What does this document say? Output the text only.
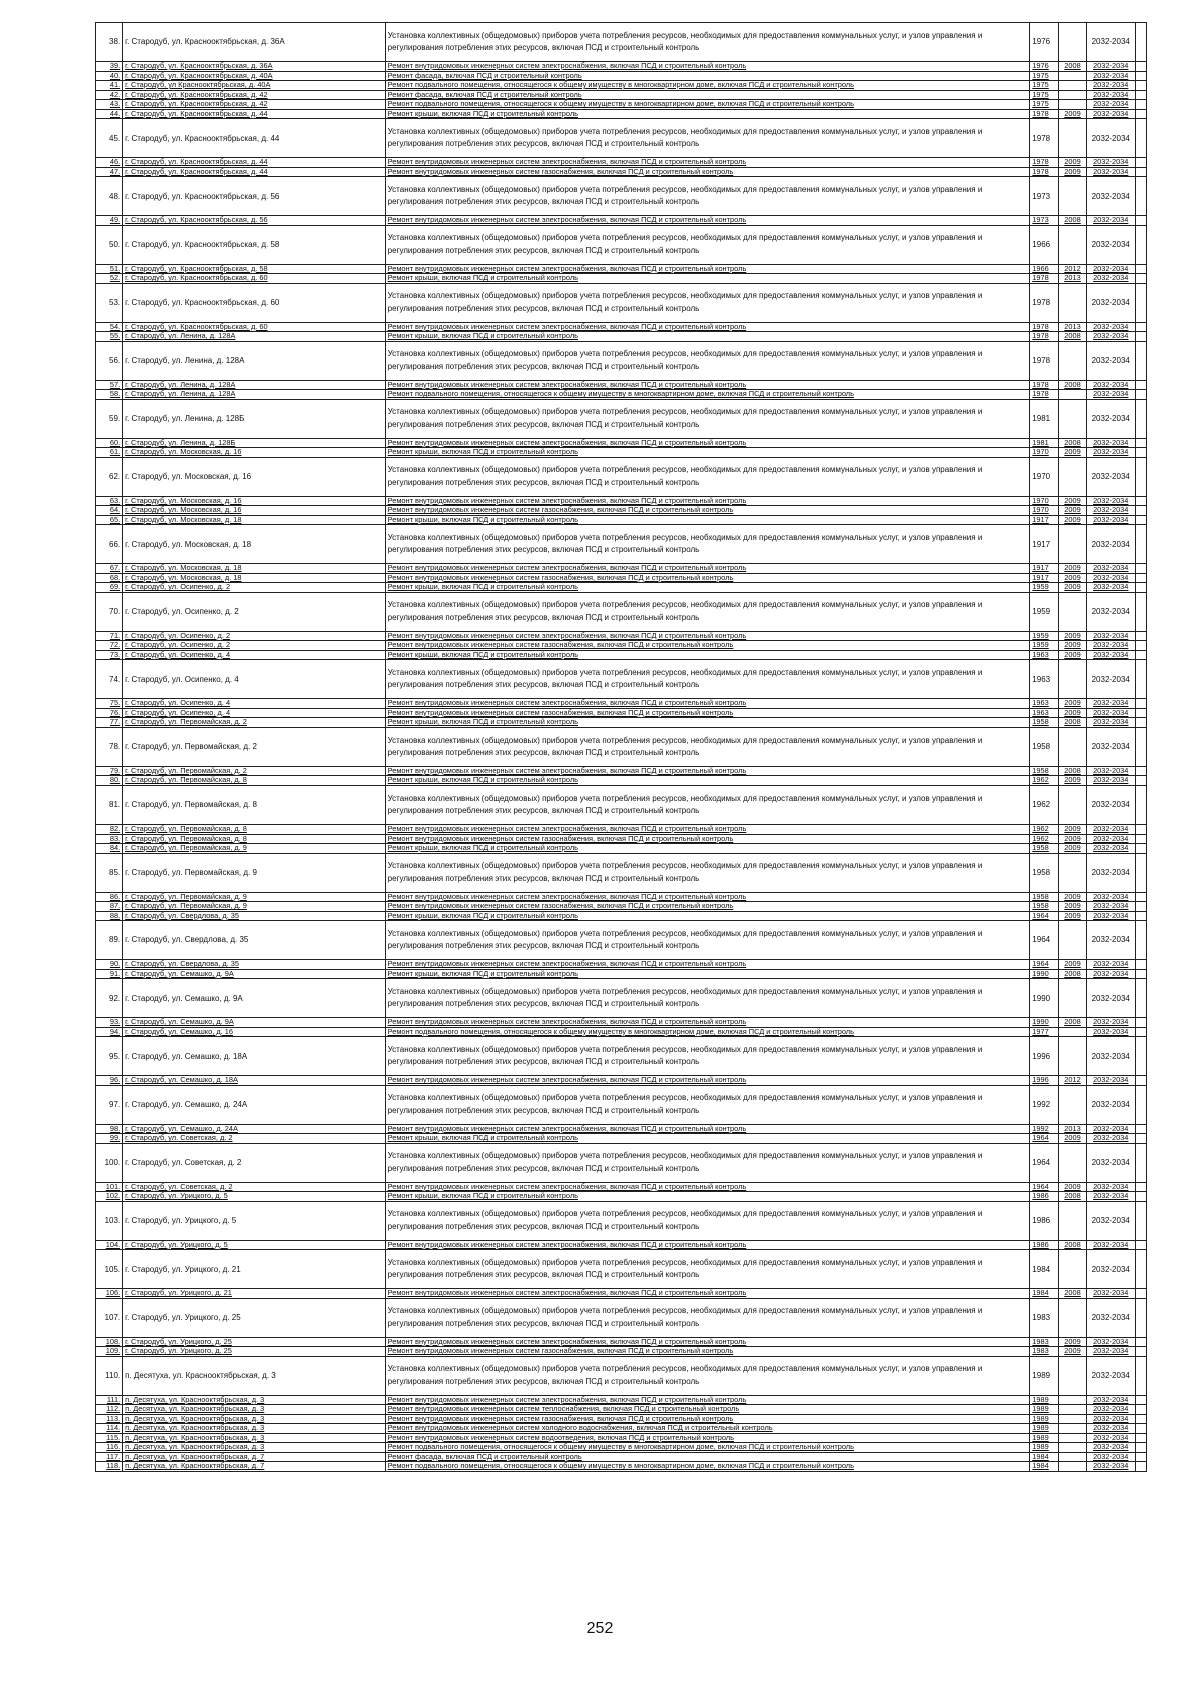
38.	г. Стародуб, ул. Краснооктябрьская, д. 36А	Установка коллективных (общедомовых) приборов учета потребления ресурсов, необходимых для предоставления коммунальных услуг, и узлов управления и регулирования потребления этих ресурсов, включая ПСД и строительный контроль	1976		2032-2034	
39.	г. Стародуб, ул. Краснооктябрьская, д. 36А	Ремонт внутридомовых инженерных систем электроснабжения, включая ПСД и строительный контроль	1976	2008	2032-2034	
40.	г. Стародуб, ул. Краснооктябрьская, д. 40А	Ремонт фасада, включая ПСД и строительный контроль	1975		2032-2034	
41.	г. Стародуб, ул Краснооктябрьская, д. 40А	Ремонт подвального помещения, относящегося к общему имуществу в многоквартирном доме, включая ПСД и строительный контроль	1975		2032-2034	
42.	г. Стародуб, ул. Краснооктябрьская, д. 42	Ремонт фасада, включая ПСД и строительный контроль	1975		2032-2034	
43.	г. Стародуб, ул. Краснооктябрьская, д. 42	Ремонт подвального помещения, относящегося к общему имуществу в многоквартирном доме, включая ПСД и строительный контроль	1975		2032-2034	
44.	г. Стародуб, ул. Краснооктябрьская, д. 44	Ремонт крыши, включая ПСД и строительный контроль	1978	2009	2032-2034	
45.	г. Стародуб, ул. Краснооктябрьская, д. 44	Установка коллективных (общедомовых) приборов учета потребления ресурсов, необходимых для предоставления коммунальных услуг, и узлов управления и регулирования потребления этих ресурсов, включая ПСД и строительный контроль	1978		2032-2034	
46.	г. Стародуб, ул. Краснооктябрьская, д. 44	Ремонт внутридомовых инженерных систем электроснабжения, включая ПСД и строительный контроль	1978	2009	2032-2034	
47.	г. Стародуб, ул. Краснооктябрьская, д. 44	Ремонт внутридомовых инженерных систем газоснабжения, включая ПСД и строительный контроль	1978	2009	2032-2034	
48.	г. Стародуб, ул. Краснооктябрьская, д. 56	Установка коллективных (общедомовых) приборов учета потребления ресурсов, необходимых для предоставления коммунальных услуг, и узлов управления и регулирования потребления этих ресурсов, включая ПСД и строительный контроль	1973		2032-2034	
49.	г. Стародуб, ул. Краснооктябрьская, д. 56	Ремонт внутридомовых инженерных систем электроснабжения, включая ПСД и строительный контроль	1973	2008	2032-2034	
50.	г. Стародуб, ул. Краснооктябрьская, д. 58	Установка коллективных (общедомовых) приборов учета потребления ресурсов, необходимых для предоставления коммунальных услуг, и узлов управления и регулирования потребления этих ресурсов, включая ПСД и строительный контроль	1966		2032-2034	
51.	г. Стародуб, ул. Краснооктябрьская, д. 58	Ремонт внутридомовых инженерных систем электроснабжения, включая ПСД и строительный контроль	1966	2012	2032-2034	
52.	г. Стародуб, ул. Краснооктябрьская, д. 60	Ремонт крыши, включая ПСД и строительный контроль	1978	2013	2032-2034	
53.	г. Стародуб, ул. Краснооктябрьская, д. 60	Установка коллективных (общедомовых) приборов учета потребления ресурсов, необходимых для предоставления коммунальных услуг, и узлов управления и регулирования потребления этих ресурсов, включая ПСД и строительный контроль	1978		2032-2034	
54.	г. Стародуб, ул. Краснооктябрьская, д. 60	Ремонт внутридомовых инженерных систем электроснабжения, включая ПСД и строительный контроль	1978	2013	2032-2034	
55.	г. Стародуб, ул. Ленина, д. 128А	Ремонт крыши, включая ПСД и строительный контроль	1978	2008	2032-2034	
56.	г. Стародуб, ул. Ленина, д. 128А	Установка коллективных (общедомовых) приборов учета потребления ресурсов, необходимых для предоставления коммунальных услуг, и узлов управления и регулирования потребления этих ресурсов, включая ПСД и строительный контроль	1978		2032-2034	
57.	г. Стародуб, ул. Ленина, д. 128А	Ремонт внутридомовых инженерных систем электроснабжения, включая ПСД и строительный контроль	1978	2008	2032-2034	
58.	г. Стародуб, ул. Ленина, д. 128А	Ремонт подвального помещения, относящегося к общему имуществу в многоквартирном доме, включая ПСД и строительный контроль	1978		2032-2034	
59.	г. Стародуб, ул. Ленина, д. 128Б	Установка коллективных (общедомовых) приборов учета потребления ресурсов, необходимых для предоставления коммунальных услуг, и узлов управления и регулирования потребления этих ресурсов, включая ПСД и строительный контроль	1981		2032-2034	
60.	г. Стародуб, ул. Ленина, д. 128Б	Ремонт внутридомовых инженерных систем электроснабжения, включая ПСД и строительный контроль	1981	2008	2032-2034	
61.	г. Стародуб, ул. Московская, д. 16	Ремонт крыши, включая ПСД и строительный контроль	1970	2009	2032-2034	
62.	г. Стародуб, ул. Московская, д. 16	Установка коллективных (общедомовых) приборов учета потребления ресурсов, необходимых для предоставления коммунальных услуг, и узлов управления и регулирования потребления этих ресурсов, включая ПСД и строительный контроль	1970		2032-2034	
63.	г. Стародуб, ул. Московская, д. 16	Ремонт внутридомовых инженерных систем электроснабжения, включая ПСД и строительный контроль	1970	2009	2032-2034	
64.	г. Стародуб, ул. Московская, д. 16	Ремонт внутридомовых инженерных систем газоснабжения, включая ПСД и строительный контроль	1970	2009	2032-2034	
65.	г. Стародуб, ул. Московская, д. 18	Ремонт крыши, включая ПСД и строительный контроль	1917	2009	2032-2034	
66.	г. Стародуб, ул. Московская, д. 18	Установка коллективных (общедомовых) приборов учета потребления ресурсов, необходимых для предоставления коммунальных услуг, и узлов управления и регулирования потребления этих ресурсов, включая ПСД и строительный контроль	1917		2032-2034	
67.	г. Стародуб, ул. Московская, д. 18	Ремонт внутридомовых инженерных систем электроснабжения, включая ПСД и строительный контроль	1917	2009	2032-2034	
68.	г. Стародуб, ул. Московская, д. 18	Ремонт внутридомовых инженерных систем газоснабжения, включая ПСД и строительный контроль	1917	2009	2032-2034	
69.	г. Стародуб, ул. Осипенко, д. 2	Ремонт крыши, включая ПСД и строительный контроль	1959	2009	2032-2034	
70.	г. Стародуб, ул. Осипенко, д. 2	Установка коллективных (общедомовых) приборов учета потребления ресурсов, необходимых для предоставления коммунальных услуг, и узлов управления и регулирования потребления этих ресурсов, включая ПСД и строительный контроль	1959		2032-2034	
71.	г. Стародуб, ул. Осипенко, д. 2	Ремонт внутридомовых инженерных систем электроснабжения, включая ПСД и строительный контроль	1959	2009	2032-2034	
72.	г. Стародуб, ул. Осипенко, д. 2	Ремонт внутридомовых инженерных систем газоснабжения, включая ПСД и строительный контроль	1959	2009	2032-2034	
73.	г. Стародуб, ул. Осипенко, д. 4	Ремонт крыши, включая ПСД и строительный контроль	1963	2009	2032-2034	
74.	г. Стародуб, ул. Осипенко, д. 4	Установка коллективных (общедомовых) приборов учета потребления ресурсов, необходимых для предоставления коммунальных услуг, и узлов управления и регулирования потребления этих ресурсов, включая ПСД и строительный контроль	1963		2032-2034	
75.	г. Стародуб, ул. Осипенко, д. 4	Ремонт внутридомовых инженерных систем электроснабжения, включая ПСД и строительный контроль	1963	2009	2032-2034	
76.	г. Стародуб, ул. Осипенко, д. 4	Ремонт внутридомовых инженерных систем газоснабжения, включая ПСД и строительный контроль	1963	2009	2032-2034	
77.	г. Стародуб, ул. Первомайская, д. 2	Ремонт крыши, включая ПСД и строительный контроль	1958	2008	2032-2034	
78.	г. Стародуб, ул. Первомайская, д. 2	Установка коллективных (общедомовых) приборов учета потребления ресурсов, необходимых для предоставления коммунальных услуг, и узлов управления и регулирования потребления этих ресурсов, включая ПСД и строительный контроль	1958		2032-2034	
79.	г. Стародуб, ул. Первомайская, д. 2	Ремонт внутридомовых инженерных систем электроснабжения, включая ПСД и строительный контроль	1958	2008	2032-2034	
80.	г. Стародуб, ул. Первомайская, д. 8	Ремонт крыши, включая ПСД и строительный контроль	1962	2009	2032-2034	
81.	г. Стародуб, ул. Первомайская, д. 8	Установка коллективных (общедомовых) приборов учета потребления ресурсов, необходимых для предоставления коммунальных услуг, и узлов управления и регулирования потребления этих ресурсов, включая ПСД и строительный контроль	1962		2032-2034	
82.	г. Стародуб, ул. Первомайская, д. 8	Ремонт внутридомовых инженерных систем электроснабжения, включая ПСД и строительный контроль	1962	2009	2032-2034	
83.	г. Стародуб, ул. Первомайская, д. 8	Ремонт внутридомовых инженерных систем газоснабжения, включая ПСД и строительный контроль	1962	2009	2032-2034	
84.	г. Стародуб, ул. Первомайская, д. 9	Ремонт крыши, включая ПСД и строительный контроль	1958	2009	2032-2034	
85.	г. Стародуб, ул. Первомайская, д. 9	Установка коллективных (общедомовых) приборов учета потребления ресурсов, необходимых для предоставления коммунальных услуг, и узлов управления и регулирования потребления этих ресурсов, включая ПСД и строительный контроль	1958		2032-2034	
86.	г. Стародуб, ул. Первомайская, д. 9	Ремонт внутридомовых инженерных систем электроснабжения, включая ПСД и строительный контроль	1958	2009	2032-2034	
87.	г. Стародуб, ул. Первомайская, д. 9	Ремонт внутридомовых инженерных систем газоснабжения, включая ПСД и строительный контроль	1958	2009	2032-2034	
88.	г. Стародуб, ул. Свердлова, д. 35	Ремонт крыши, включая ПСД и строительный контроль	1964	2009	2032-2034	
89.	г. Стародуб, ул. Свердлова, д. 35	Установка коллективных (общедомовых) приборов учета потребления ресурсов, необходимых для предоставления коммунальных услуг, и узлов управления и регулирования потребления этих ресурсов, включая ПСД и строительный контроль	1964		2032-2034	
90.	г. Стародуб, ул. Свердлова, д. 35	Ремонт внутридомовых инженерных систем электроснабжения, включая ПСД и строительный контроль	1964	2009	2032-2034	
91.	г. Стародуб, ул. Семашко, д. 9А	Ремонт крыши, включая ПСД и строительный контроль	1990	2008	2032-2034	
92.	г. Стародуб, ул. Семашко, д. 9А	Установка коллективных (общедомовых) приборов учета потребления ресурсов, необходимых для предоставления коммунальных услуг, и узлов управления и регулирования потребления этих ресурсов, включая ПСД и строительный контроль	1990		2032-2034	
93.	г. Стародуб, ул. Семашко, д. 9А	Ремонт внутридомовых инженерных систем электроснабжения, включая ПСД и строительный контроль	1990	2008	2032-2034	
94.	г. Стародуб, ул. Семашко, д. 16	Ремонт подвального помещения, относящегося к общему имуществу в многоквартирном доме, включая ПСД и строительный контроль	1977		2032-2034	
95.	г. Стародуб, ул. Семашко, д. 18А	Установка коллективных (общедомовых) приборов учета потребления ресурсов, необходимых для предоставления коммунальных услуг, и узлов управления и регулирования потребления этих ресурсов, включая ПСД и строительный контроль	1996		2032-2034	
96.	г. Стародуб, ул. Семашко, д. 18А	Ремонт внутридомовых инженерных систем электроснабжения, включая ПСД и строительный контроль	1996	2012	2032-2034	
97.	г. Стародуб, ул. Семашко, д. 24А	Установка коллективных (общедомовых) приборов учета потребления ресурсов, необходимых для предоставления коммунальных услуг, и узлов управления и регулирования потребления этих ресурсов, включая ПСД и строительный контроль	1992		2032-2034	
98.	г. Стародуб, ул. Семашко, д. 24А	Ремонт внутридомовых инженерных систем электроснабжения, включая ПСД и строительный контроль	1992	2013	2032-2034	
99.	г. Стародуб, ул. Советская, д. 2	Ремонт крыши, включая ПСД и строительный контроль	1964	2009	2032-2034	
100.	г. Стародуб, ул. Советская, д. 2	Установка коллективных (общедомовых) приборов учета потребления ресурсов, необходимых для предоставления коммунальных услуг, и узлов управления и регулирования потребления этих ресурсов, включая ПСД и строительный контроль	1964		2032-2034	
101.	г. Стародуб, ул. Советская, д. 2	Ремонт внутридомовых инженерных систем электроснабжения, включая ПСД и строительный контроль	1964	2009	2032-2034	
102.	г. Стародуб, ул. Урицкого, д. 5	Ремонт крыши, включая ПСД и строительный контроль	1986	2008	2032-2034	
103.	г. Стародуб, ул. Урицкого, д. 5	Установка коллективных (общедомовых) приборов учета потребления ресурсов, необходимых для предоставления коммунальных услуг, и узлов управления и регулирования потребления этих ресурсов, включая ПСД и строительный контроль	1986		2032-2034	
104.	г. Стародуб, ул. Урицкого, д. 5	Ремонт внутридомовых инженерных систем электроснабжения, включая ПСД и строительный контроль	1986	2008	2032-2034	
105.	г. Стародуб, ул. Урицкого, д. 21	Установка коллективных (общедомовых) приборов учета потребления ресурсов, необходимых для предоставления коммунальных услуг, и узлов управления и регулирования потребления этих ресурсов, включая ПСД и строительный контроль	1984		2032-2034	
106.	г. Стародуб, ул. Урицкого, д. 21	Ремонт внутридомовых инженерных систем электроснабжения, включая ПСД и строительный контроль	1984	2008	2032-2034	
107.	г. Стародуб, ул. Урицкого, д. 25	Установка коллективных (общедомовых) приборов учета потребления ресурсов, необходимых для предоставления коммунальных услуг, и узлов управления и регулирования потребления этих ресурсов, включая ПСД и строительный контроль	1983		2032-2034	
108.	г. Стародуб, ул. Урицкого, д. 25	Ремонт внутридомовых инженерных систем электроснабжения, включая ПСД и строительный контроль	1983	2009	2032-2034	
109.	г. Стародуб, ул. Урицкого, д. 25	Ремонт внутридомовых инженерных систем газоснабжения, включая ПСД и строительный контроль	1983	2009	2032-2034	
110.	п. Десятуха, ул. Краснооктябрьская, д. 3	Установка коллективных (общедомовых) приборов учета потребления ресурсов, необходимых для предоставления коммунальных услуг, и узлов управления и регулирования потребления этих ресурсов, включая ПСД и строительный контроль	1989		2032-2034	
111.	п. Десятуха, ул. Краснооктябрьская, д. 3	Ремонт внутридомовых инженерных систем электроснабжения, включая ПСД и строительный контроль	1989		2032-2034	
112.	п. Десятуха, ул. Краснооктябрьская, д. 3	Ремонт внутридомовых инженерных систем теплоснабжения, включая ПСД и строительный контроль	1989		2032-2034	
113.	п. Десятуха, ул. Краснооктябрьская, д. 3	Ремонт внутридомовых инженерных систем газоснабжения, включая ПСД и строительный контроль	1989		2032-2034	
114.	п. Десятуха, ул. Краснооктябрьская, д. 3	Ремонт внутридомовых инженерных систем холодного водоснабжения, включая ПСД и строительный контроль	1989		2032-2034	
115.	п. Десятуха, ул. Краснооктябрьская, д. 3	Ремонт внутридомовых инженерных систем водоотведения, включая ПСД и строительный контроль	1989		2032-2034	
116.	п. Десятуха, ул. Краснооктябрьская, д. 3	Ремонт подвального помещения, относящегося к общему имуществу в многоквартирном доме, включая ПСД и строительный контроль	1989		2032-2034	
117.	п. Десятуха, ул. Краснооктябрьская, д. 7	Ремонт фасада, включая ПСД и строительный контроль	1984		2032-2034	
118.	п. Десятуха, ул. Краснооктябрьская, д. 7	Ремонт подвального помещения, относящегося к общему имуществу в многоквартирном доме, включая ПСД и строительный контроль	1984		2032-2034	
252
